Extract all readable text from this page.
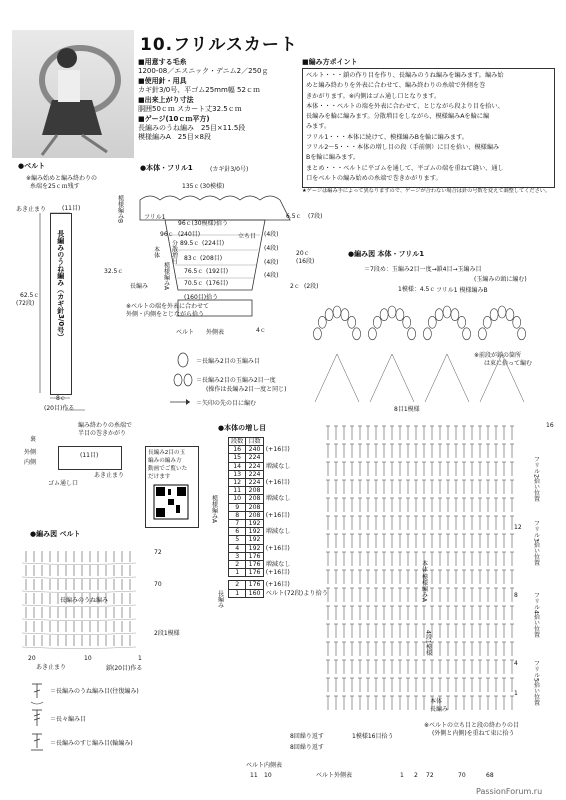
10.フリルスカート
■用意する毛糸
1200-08／エスニック・デニム2／250ｇ
■使用針・用具
カギ針3/0号、平ゴム25mm幅 52ｃｍ
■出来上がり寸法
胴囲50ｃｍ スカート丈32.5ｃｍ
■ゲージ(10ｃｍ平方)
長編みのうね編み　25目×11.5段
模様編みA　25目×8段
■編み方ポイント
ベルト・・・鎖の作り目を作り、長編みのうね編みを編みます。編み始
めと編み終わりを外表に合わせて、編み終わりの糸端で外側を巻
きかがります。※内側はゴム通し口となります。
本体・・・ベルトの端を外表に合わせて、とじながら段より目を拾い、
長編みを輪に編みます。分散増目をしながら、模様編みAを輪に編
みます。
フリル1・・・本体に続けて、模様編みBを輪に編みます。
フリル2〜5・・・本体の増し目の段（手前側）に目を拾い、模様編み
Bを輪に編みます。
まとめ・・・ベルトに平ゴムを通して、平ゴムの端を重ねて縫い、通し
口をベルトの編み始めの糸端で巻きかがります。
★ゲージは編み手によって異なりますので、ゲージが合わない場合は針の号数を変えて調整してください。
●ベルト
※編み始めと編み終わりの
糸端を25ｃｍ残す
あき止まり	(11目)
長編みのうね編み（カギ針3/0号）
62.5ｃ
(72段)
8ｃ
(20目)作る
編み終わりの糸端で
半目の巻きかがり
裏
外側
内側
(11目)
あき止まり
ゴム通し口
長編み2目の玉
編みの編み方
動画でご覧いた
だけます
●本体・フリル1	(カギ針3/0号)
135ｃ (30模様)
模様編みB	フリル1
96ｃ(30模様)拾う
96ｃ (240目)
89.5ｃ (224目)
83ｃ (208目)
76.5ｃ (192目)
70.5ｃ (176目)
本体
模様編みA
分散増目
立ち目
長編み
(4段)
(4段)
(4段)
(4段)
(7段)
(16段)
(2段)
6.5ｃ
20ｃ
2ｃ
32.5ｃ
(160目)拾う
※ベルトの端を外表に合わせて
外側・内側をとじながら拾う
ベルト 外側表	4ｃ
＝長編み2目の玉編み目
＝長編み2目の玉編み2目一度
(操作は長編み2目一度と同じ)
＝矢印の先の目に編む
●編み図 本体・フリル1
＝7段め：玉編み2目一度→鎖4目→玉編み目
(玉編みの頭に編む)
1模様：4.5ｃ フリル1 模様編みB
※前段が鎖の箇所
は束に拾って編む
8目1模様
16
●本体の増し目
段数	目数	
16	240	(+16目)
15	224	
14	224	増減なし
13	224	
12	224	(+16目)
11	208	
10	208	増減なし
9	208	
8	208	(+16目)
7	192	
6	192	増減なし
5	192	
4	192	(+16目)
3	176	
2	176	増減なし
1	176	(+16目)

2	176	(+16目)
1	160	ベルト(72段)より拾う
模様編みA
長編み
フリル2拾い位置
フリル3拾い位置
フリル4拾い位置
フリル5拾い位置
本体 模様編みA
4段1模様
12
8
4
1
本体
長編み
※ベルトの立ち目と段の終わりの目
(外側と内側)を重ねて束に拾う
8回繰り返す	1模様16目拾う
8回繰り返す
ベルト内側表
ベルト外側表	72	70	68
11 10	1 2
●編み図 ベルト
72
70
長編みのうね編み
2段1模様
20	10	1
あき止まり	鎖(20目)作る
＝長編みのうね編み目(往復編み)
＝長々編み目
＝長編みのすじ編み目(輪編み)
PassionForum.ru
